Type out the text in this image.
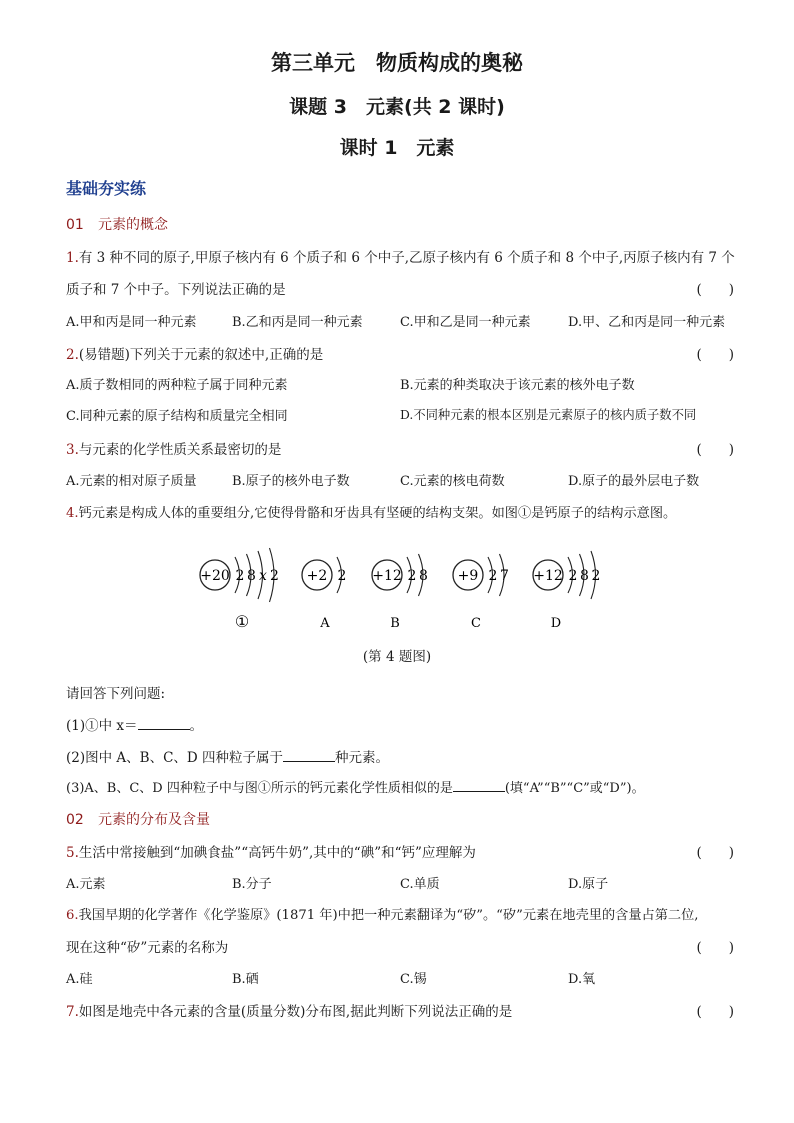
第三单元　物质构成的奥秘
课题 3　元素(共 2 课时)
课时 1　元素
基础夯实练
01 元素的概念
1.有 3 种不同的原子,甲原子核内有 6 个质子和 6 个中子,乙原子核内有 6 个质子和 8 个中子,丙原子核内有 7 个
质子和 7 个中子。下列说法正确的是	(　　)
A.甲和丙是同一种元素	B.乙和丙是同一种元素	C.甲和乙是同一种元素	D.甲、乙和丙是同一种元素
2.(易错题)下列关于元素的叙述中,正确的是	(　　)
A.质子数相同的两种粒子属于同种元素	B.元素的种类取决于该元素的核外电子数
C.同种元素的原子结构和质量完全相同	D.不同种元素的根本区别是元素原子的核内质子数不同
3.与元素的化学性质关系最密切的是	(　　)
A.元素的相对原子质量	B.原子的核外电子数	C.元素的核电荷数	D.原子的最外层电子数
4.钙元素是构成人体的重要组分,它使得骨骼和牙齿具有坚硬的结构支架。如图①是钙原子的结构示意图。
+20 2 8 x 2
①
+2 2
A
+12 2 8
B
+9 2 7
C
+12 2 8 2
D
(第 4 题图)
请回答下列问题:
(1)①中 x＝	。
(2)图中 A、B、C、D 四种粒子属于	种元素。
(3)A、B、C、D 四种粒子中与图①所示的钙元素化学性质相似的是	(填“A”“B”“C”或“D”)。
02 元素的分布及含量
5.生活中常接触到“加碘食盐”“高钙牛奶”,其中的“碘”和“钙”应理解为	(　　)
A.元素	B.分子	C.单质	D.原子
6.我国早期的化学著作《化学鉴原》(1871 年)中把一种元素翻译为“矽”。“矽”元素在地壳里的含量占第二位,
现在这种“矽”元素的名称为	(　　)
A.硅	B.硒	C.锡	D.氧
7.如图是地壳中各元素的含量(质量分数)分布图,据此判断下列说法正确的是	(　　)
